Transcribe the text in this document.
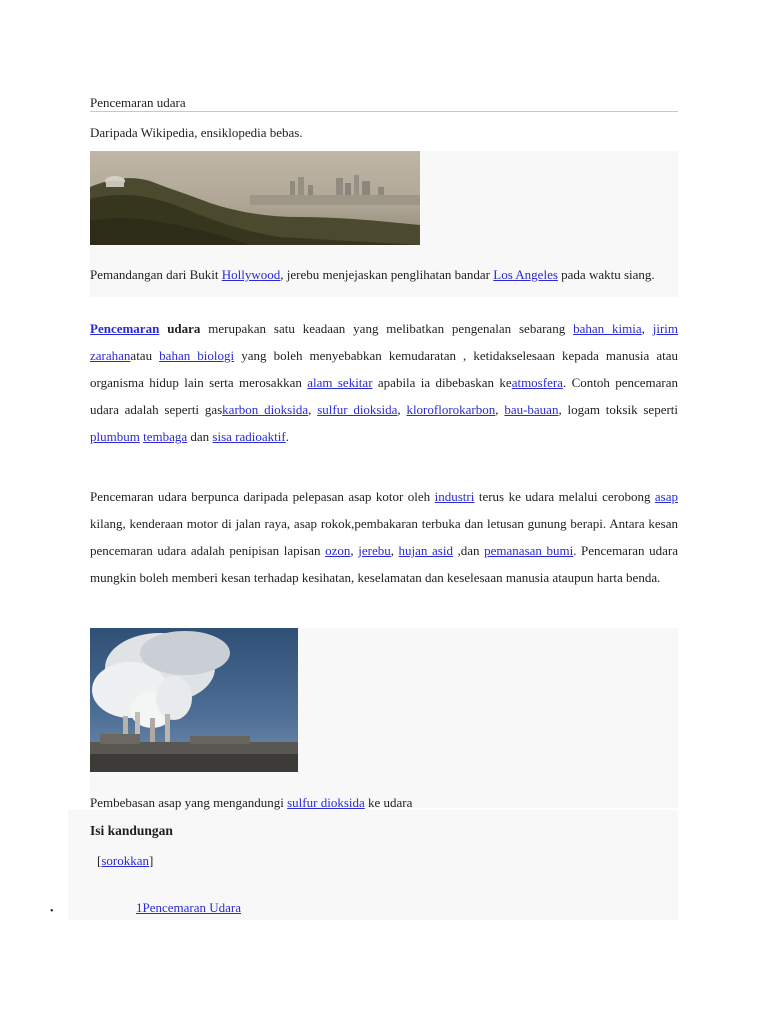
Pencemaran udara
Daripada Wikipedia, ensiklopedia bebas.

Pemandangan dari Bukit Hollywood, jerebu menjejaskan penglihatan bandar Los Angeles pada waktu siang.

Pencemaran udara merupakan satu keadaan yang melibatkan pengenalan sebarang bahan kimia, jirim zarahanatau bahan biologi yang boleh menyebabkan kemudaratan , ketidakselesaan kepada manusia atau organisma hidup lain serta merosakkan alam sekitar apabila ia dibebaskan keatmosfera. Contoh pencemaran udara adalah seperti gaskarbon dioksida, sulfur dioksida, kloroflorokarbon, bau-bauan, logam toksik seperti plumbum tembaga dan sisa radioaktif.

Pencemaran udara berpunca daripada pelepasan asap kotor oleh industri terus ke udara melalui cerobong asap kilang, kenderaan motor di jalan raya, asap rokok,pembakaran terbuka dan letusan gunung berapi. Antara kesan pencemaran udara adalah penipisan lapisan ozon, jerebu, hujan asid ,dan pemanasan bumi. Pencemaran udara mungkin boleh memberi kesan terhadap kesihatan, keselamatan dan keselesaan manusia ataupun harta benda.

Pembebasan asap yang mengandungi sulfur dioksida ke udara

Isi kandungan
[sorokkan]
•	1Pencemaran Udara
